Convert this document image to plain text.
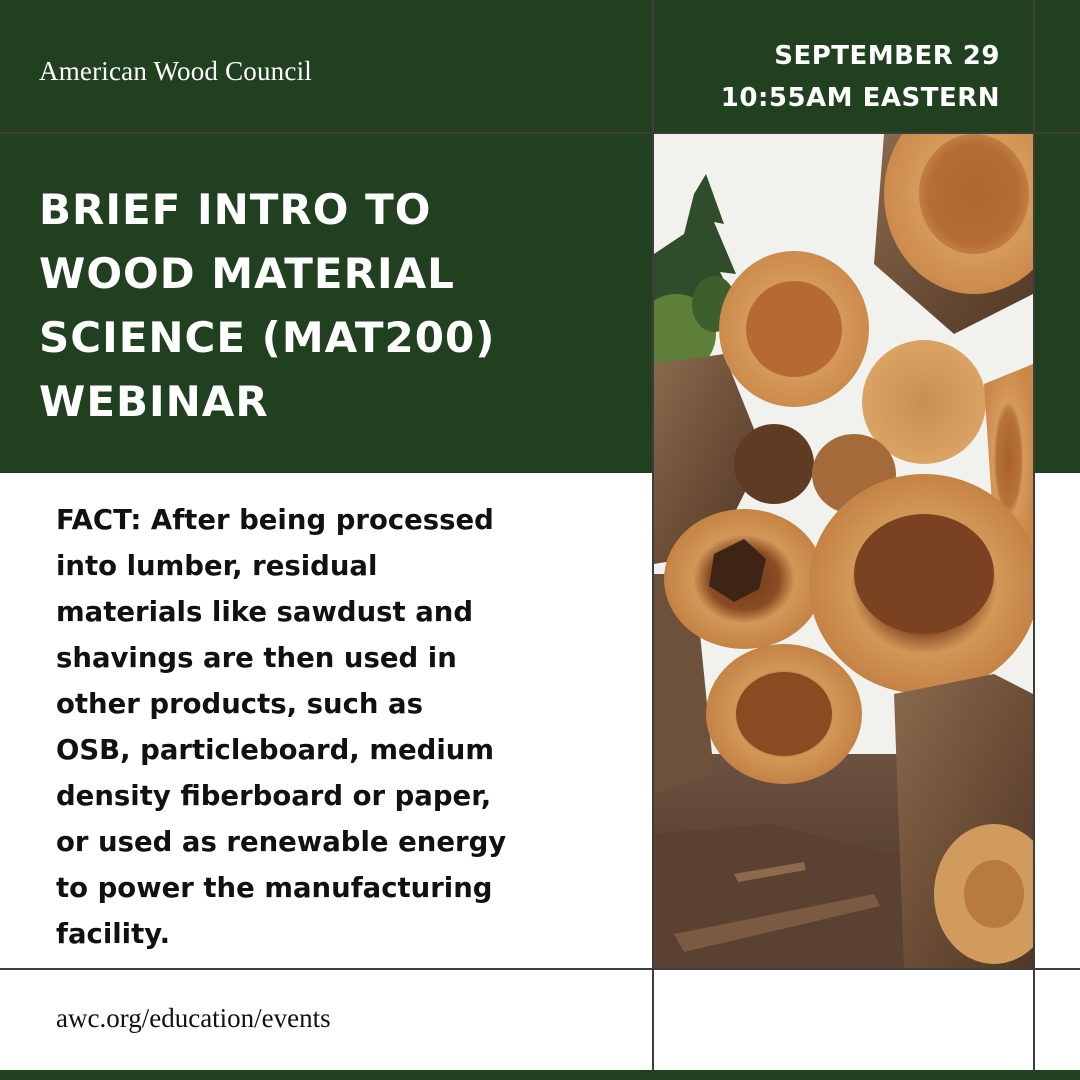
American Wood Council	SEPTEMBER 29
10:55AM EASTERN
BRIEF INTRO TO
WOOD MATERIAL
SCIENCE (MAT200)
WEBINAR
FACT: After being processed
into lumber, residual
materials like sawdust and
shavings are then used in
other products, such as
OSB, particleboard, medium
density fiberboard or paper,
or used as renewable energy
to power the manufacturing
facility.
awc.org/education/events
